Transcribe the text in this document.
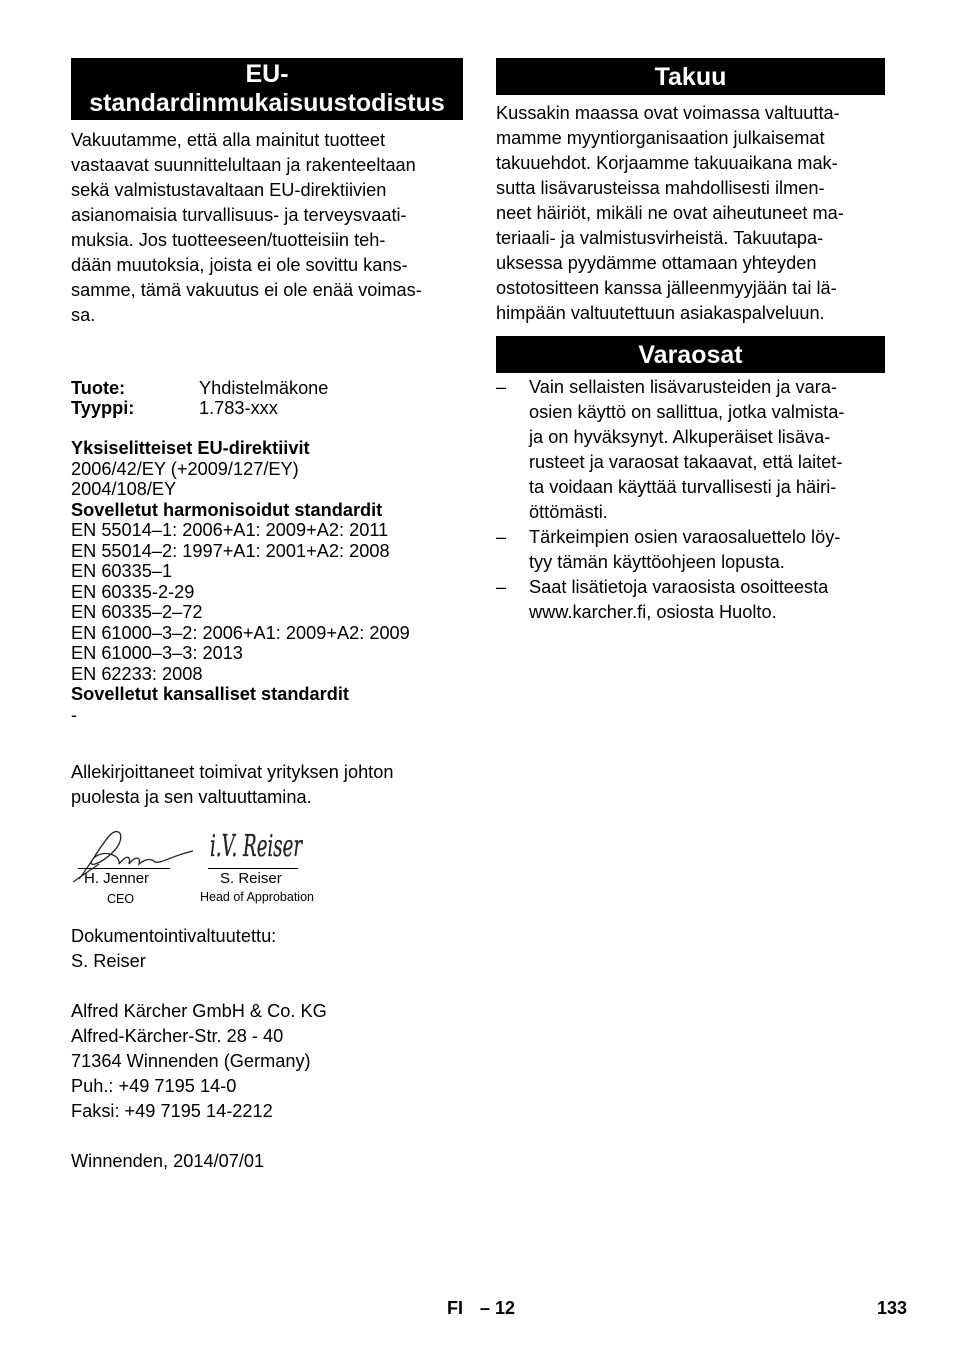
EU-
standardinmukaisuustodistus
Vakuutamme, että alla mainitut tuotteet
vastaavat suunnittelultaan ja rakenteeltaan
sekä valmistustavaltaan EU-direktiivien
asianomaisia turvallisuus- ja terveysvaati-
muksia. Jos tuotteeseen/tuotteisiin teh-
dään muutoksia, joista ei ole sovittu kans-
samme, tämä vakuutus ei ole enää voimas-
sa.
Tuote:	Yhdistelmäkone
Tyyppi:	1.783-xxx
Yksiselitteiset EU-direktiivit
2006/42/EY (+2009/127/EY)
2004/108/EY
Sovelletut harmonisoidut standardit
EN 55014–1: 2006+A1: 2009+A2: 2011
EN 55014–2: 1997+A1: 2001+A2: 2008
EN 60335–1
EN 60335-2-29
EN 60335–2–72
EN 61000–3–2: 2006+A1: 2009+A2: 2009
EN 61000–3–3: 2013
EN 62233: 2008
Sovelletut kansalliset standardit
-
Allekirjoittaneet toimivat yrityksen johton
puolesta ja sen valtuuttamina.
i.V. Reiser
H. Jenner
CEO
S. Reiser
Head of Approbation
Dokumentointivaltuutettu:
S. Reiser
Alfred Kärcher GmbH & Co. KG
Alfred-Kärcher-Str. 28 - 40
71364 Winnenden (Germany)
Puh.: +49 7195 14-0
Faksi: +49 7195 14-2212
Winnenden, 2014/07/01
Takuu
Kussakin maassa ovat voimassa valtuutta-
mamme myyntiorganisaation julkaisemat
takuuehdot. Korjaamme takuuaikana mak-
sutta lisävarusteissa mahdollisesti ilmen-
neet häiriöt, mikäli ne ovat aiheutuneet ma-
teriaali- ja valmistusvirheistä. Takuutapa-
uksessa pyydämme ottamaan yhteyden
ostotositteen kanssa jälleenmyyjään tai lä-
himpään valtuutettuun asiakaspalveluun.
Varaosat
–	Vain sellaisten lisävarusteiden ja vara-
osien käyttö on sallittua, jotka valmista-
ja on hyväksynyt. Alkuperäiset lisäva-
rusteet ja varaosat takaavat, että laitet-
ta voidaan käyttää turvallisesti ja häiri-
öttömästi.
–	Tärkeimpien osien varaosaluettelo löy-
tyy tämän käyttöohjeen lopusta.
–	Saat lisätietoja varaosista osoitteesta
www.karcher.fi, osiosta Huolto.
FI – 12	133
